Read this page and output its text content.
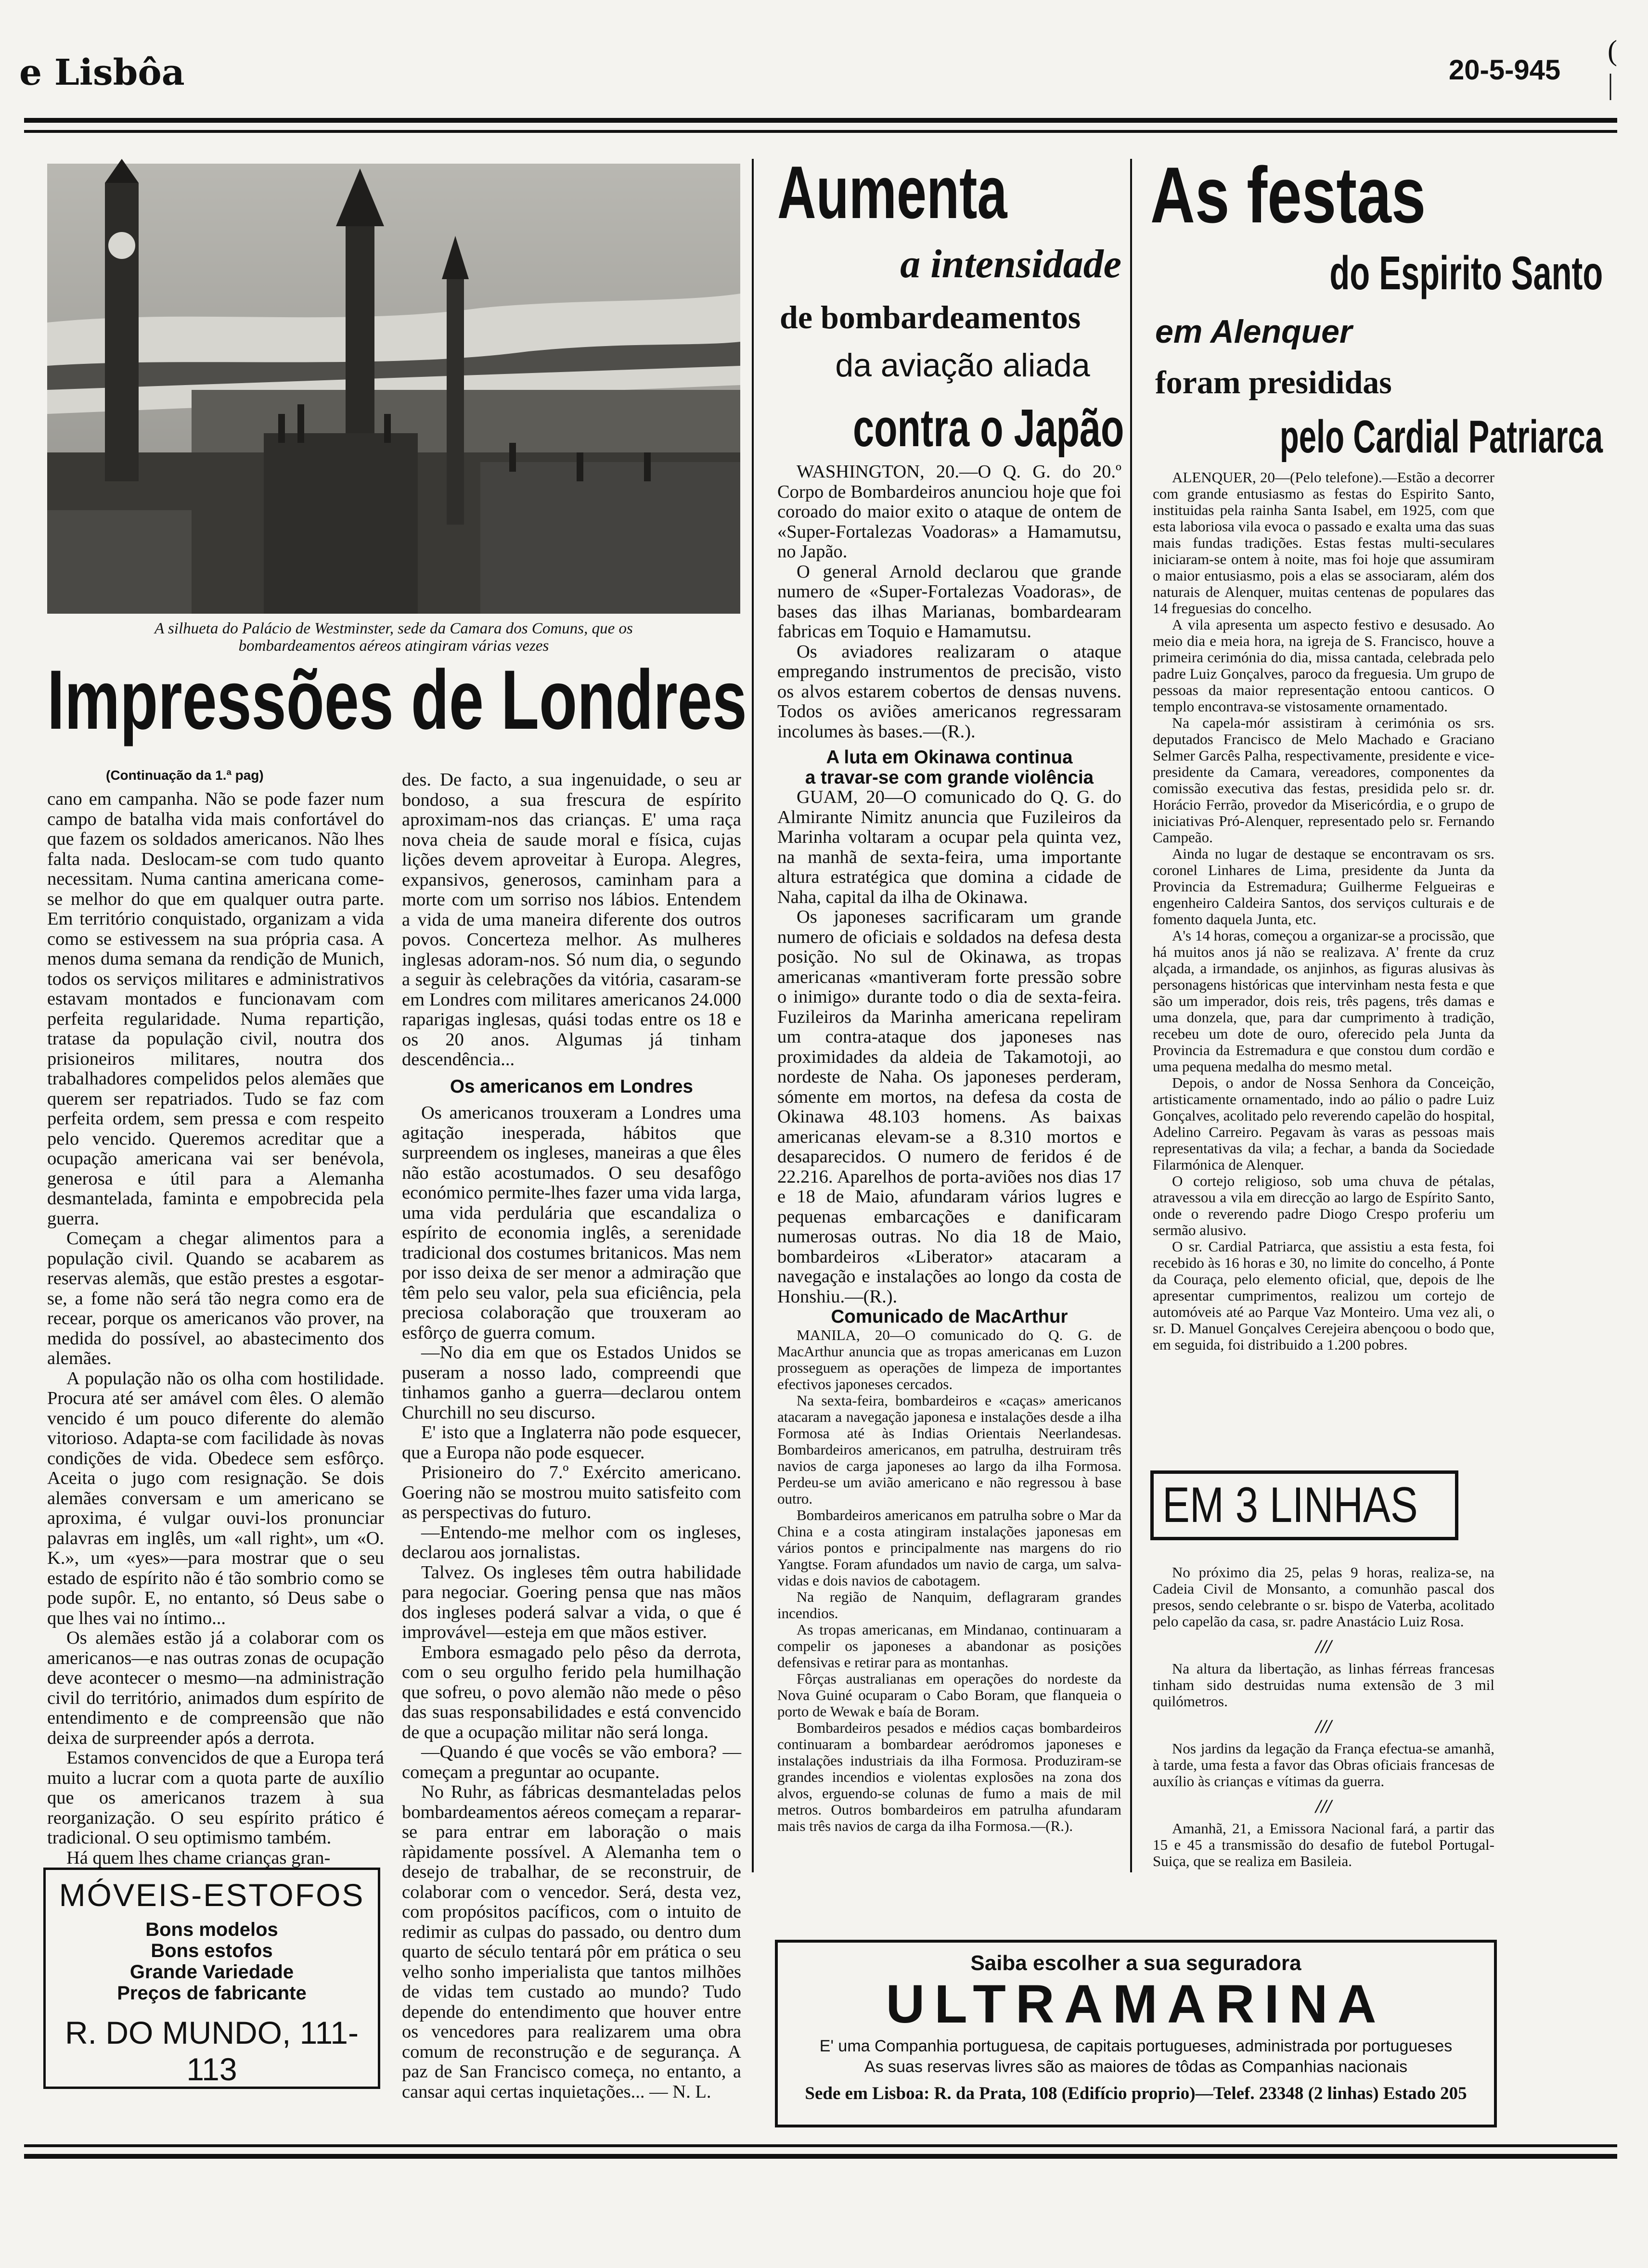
e Lisbôa	20-5-945
( |
A silhueta do Palácio de Westminster, sede da Camara dos Comuns, que os
bombardeamentos aéreos atingiram várias vezes
Impressões de Londres
(Continuação da 1.ª pag)

cano em campanha. Não se pode fazer num campo de batalha vida mais confortável do que fazem os soldados americanos. Não lhes falta nada. Deslocam-se com tudo quanto necessitam. Numa cantina americana come-se melhor do que em qualquer outra parte. Em território conquistado, organizam a vida como se estivessem na sua própria casa. A menos duma semana da rendição de Munich, todos os serviços militares e administrativos estavam montados e funcionavam com perfeita regularidade. Numa repartição, tratase da população civil, noutra dos prisioneiros militares, noutra dos trabalhadores compelidos pelos alemães que querem ser repatriados. Tudo se faz com perfeita ordem, sem pressa e com respeito pelo vencido. Queremos acreditar que a ocupação americana vai ser benévola, generosa e útil para a Alemanha desmantelada, faminta e empobrecida pela guerra.

Começam a chegar alimentos para a população civil. Quando se acabarem as reservas alemãs, que estão prestes a esgotar-se, a fome não será tão negra como era de recear, porque os americanos vão prover, na medida do possível, ao abastecimento dos alemães.

A população não os olha com hostilidade. Procura até ser amável com êles. O alemão vencido é um pouco diferente do alemão vitorioso. Adapta-se com facilidade às novas condições de vida. Obedece sem esfôrço. Aceita o jugo com resignação. Se dois alemães conversam e um americano se aproxima, é vulgar ouvi-los pronunciar palavras em inglês, um «all right», um «O. K.», um «yes»—para mostrar que o seu estado de espírito não é tão sombrio como se pode supôr. E, no entanto, só Deus sabe o que lhes vai no íntimo...

Os alemães estão já a colaborar com os americanos—e nas outras zonas de ocupação deve acontecer o mesmo—na administração civil do território, animados dum espírito de entendimento e de compreensão que não deixa de surpreender após a derrota.

Estamos convencidos de que a Europa terá muito a lucrar com a quota parte de auxílio que os americanos trazem à sua reorganização. O seu espírito prático é tradicional. O seu optimismo também.

Há quem lhes chame crianças gran-

des. De facto, a sua ingenuidade, o seu ar bondoso, a sua frescura de espírito aproximam-nos das crianças. E' uma raça nova cheia de saude moral e física, cujas lições devem aproveitar à Europa. Alegres, expansivos, generosos, caminham para a morte com um sorriso nos lábios. Entendem a vida de uma maneira diferente dos outros povos. Concerteza melhor. As mulheres inglesas adoram-nos. Só num dia, o segundo a seguir às celebrações da vitória, casaram-se em Londres com militares americanos 24.000 raparigas inglesas, quási todas entre os 18 e os 20 anos. Algumas já tinham descendência...

Os americanos em Londres

Os americanos trouxeram a Londres uma agitação inesperada, hábitos que surpreendem os ingleses, maneiras a que êles não estão acostumados. O seu desafôgo económico permite-lhes fazer uma vida larga, uma vida perdulária que escandaliza o espírito de economia inglês, a serenidade tradicional dos costumes britanicos. Mas nem por isso deixa de ser menor a admiração que têm pelo seu valor, pela sua eficiência, pela preciosa colaboração que trouxeram ao esfôrço de guerra comum.

—No dia em que os Estados Unidos se puseram a nosso lado, compreendi que tinhamos ganho a guerra—declarou ontem Churchill no seu discurso.

E' isto que a Inglaterra não pode esquecer, que a Europa não pode esquecer.

Prisioneiro do 7.º Exército americano. Goering não se mostrou muito satisfeito com as perspectivas do futuro.

—Entendo-me melhor com os ingleses, declarou aos jornalistas.

Talvez. Os ingleses têm outra habilidade para negociar. Goering pensa que nas mãos dos ingleses poderá salvar a vida, o que é improvável—esteja em que mãos estiver.

Embora esmagado pelo pêso da derrota, com o seu orgulho ferido pela humilhação que sofreu, o povo alemão não mede o pêso das suas responsabilidades e está convencido de que a ocupação militar não será longa.

—Quando é que vocês se vão embora? — começam a preguntar ao ocupante.

No Ruhr, as fábricas desmanteladas pelos bombardeamentos aéreos começam a reparar-se para entrar em laboração o mais ràpidamente possível. A Alemanha tem o desejo de trabalhar, de se reconstruir, de colaborar com o vencedor. Será, desta vez, com propósitos pacíficos, com o intuito de redimir as culpas do passado, ou dentro dum quarto de século tentará pôr em prática o seu velho sonho imperialista que tantos milhões de vidas tem custado ao mundo? Tudo depende do entendimento que houver entre os vencedores para realizarem uma obra comum de reconstrução e de segurança. A paz de San Francisco começa, no entanto, a cansar aqui certas inquietações... — N. L.

MÓVEIS-ESTOFOS
Bons modelos
Bons estofos
Grande Variedade
Preços de fabricante
R. DO MUNDO, 111-113
Aumenta
a intensidade
de bombardeamentos
da aviação aliada
contra o Japão

WASHINGTON, 20.—O Q. G. do 20.º Corpo de Bombardeiros anunciou hoje que foi coroado do maior exito o ataque de ontem de «Super-Fortalezas Voadoras» a Hamamutsu, no Japão.

O general Arnold declarou que grande numero de «Super-Fortalezas Voadoras», de bases das ilhas Marianas, bombardearam fabricas em Toquio e Hamamutsu.

Os aviadores realizaram o ataque empregando instrumentos de precisão, visto os alvos estarem cobertos de densas nuvens. Todos os aviões americanos regressaram incolumes às bases.—(R.).

A luta em Okinawa continua

a travar-se com grande violência

GUAM, 20—O comunicado do Q. G. do Almirante Nimitz anuncia que Fuzileiros da Marinha voltaram a ocupar pela quinta vez, na manhã de sexta-feira, uma importante altura estratégica que domina a cidade de Naha, capital da ilha de Okinawa.

Os japoneses sacrificaram um grande numero de oficiais e soldados na defesa desta posição. No sul de Okinawa, as tropas americanas «mantiveram forte pressão sobre o inimigo» durante todo o dia de sexta-feira. Fuzileiros da Marinha americana repeliram um contra-ataque dos japoneses nas proximidades da aldeia de Takamotoji, ao nordeste de Naha. Os japoneses perderam, sómente em mortos, na defesa da costa de Okinawa 48.103 homens. As baixas americanas elevam-se a 8.310 mortos e desaparecidos. O numero de feridos é de 22.216. Aparelhos de porta-aviões nos dias 17 e 18 de Maio, afundaram vários lugres e pequenas embarcações e danificaram numerosas outras. No dia 18 de Maio, bombardeiros «Liberator» atacaram a navegação e instalações ao longo da costa de Honshiu.—(R.).

Comunicado de MacArthur

MANILA, 20—O comunicado do Q. G. de MacArthur anuncia que as tropas americanas em Luzon prosseguem as operações de limpeza de importantes efectivos japoneses cercados.

Na sexta-feira, bombardeiros e «caças» americanos atacaram a navegação japonesa e instalações desde a ilha Formosa até às Indias Orientais Neerlandesas. Bombardeiros americanos, em patrulha, destruiram três navios de carga japoneses ao largo da ilha Formosa. Perdeu-se um avião americano e não regressou à base outro.

Bombardeiros americanos em patrulha sobre o Mar da China e a costa atingiram instalações japonesas em vários pontos e principalmente nas margens do rio Yangtse. Foram afundados um navio de carga, um salva-vidas e dois navios de cabotagem.

Na região de Nanquim, deflagraram grandes incendios.

As tropas americanas, em Mindanao, continuaram a compelir os japoneses a abandonar as posições defensivas e retirar para as montanhas.

Fôrças australianas em operações do nordeste da Nova Guiné ocuparam o Cabo Boram, que flanqueia o porto de Wewak e baía de Boram.

Bombardeiros pesados e médios caças bombardeiros continuaram a bombardear aeródromos japoneses e instalações industriais da ilha Formosa. Produziram-se grandes incendios e violentas explosões na zona dos alvos, erguendo-se colunas de fumo a mais de mil metros. Outros bombardeiros em patrulha afundaram mais três navios de carga da ilha Formosa.—(R.).

As festas
do Espirito Santo
em Alenquer
foram presididas
pelo Cardial Patriarca

ALENQUER, 20—(Pelo telefone).—Estão a decorrer com grande entusiasmo as festas do Espirito Santo, instituidas pela rainha Santa Isabel, em 1925, com que esta laboriosa vila evoca o passado e exalta uma das suas mais fundas tradições. Estas festas multi-seculares iniciaram-se ontem à noite, mas foi hoje que assumiram o maior entusiasmo, pois a elas se associaram, além dos naturais de Alenquer, muitas centenas de populares das 14 freguesias do concelho.

A vila apresenta um aspecto festivo e desusado. Ao meio dia e meia hora, na igreja de S. Francisco, houve a primeira cerimónia do dia, missa cantada, celebrada pelo padre Luiz Gonçalves, paroco da freguesia. Um grupo de pessoas da maior representação entoou canticos. O templo encontrava-se vistosamente ornamentado.

Na capela-mór assistiram à cerimónia os srs. deputados Francisco de Melo Machado e Graciano Selmer Garcês Palha, respectivamente, presidente e vice-presidente da Camara, vereadores, componentes da comissão executiva das festas, presidida pelo sr. dr. Horácio Ferrão, provedor da Misericórdia, e o grupo de iniciativas Pró-Alenquer, representado pelo sr. Fernando Campeão.

Ainda no lugar de destaque se encontravam os srs. coronel Linhares de Lima, presidente da Junta da Provincia da Estremadura; Guilherme Felgueiras e engenheiro Caldeira Santos, dos serviços culturais e de fomento daquela Junta, etc.

A's 14 horas, começou a organizar-se a procissão, que há muitos anos já não se realizava. A' frente da cruz alçada, a irmandade, os anjinhos, as figuras alusivas às personagens históricas que intervinham nesta festa e que são um imperador, dois reis, três pagens, três damas e uma donzela, que, para dar cumprimento à tradição, recebeu um dote de ouro, oferecido pela Junta da Provincia da Estremadura e que constou dum cordão e uma pequena medalha do mesmo metal.

Depois, o andor de Nossa Senhora da Conceição, artisticamente ornamentado, indo ao pálio o padre Luiz Gonçalves, acolitado pelo reverendo capelão do hospital, Adelino Carreiro. Pegavam às varas as pessoas mais representativas da vila; a fechar, a banda da Sociedade Filarmónica de Alenquer.

O cortejo religioso, sob uma chuva de pétalas, atravessou a vila em direcção ao largo de Espírito Santo, onde o reverendo padre Diogo Crespo proferiu um sermão alusivo.

O sr. Cardial Patriarca, que assistiu a esta festa, foi recebido às 16 horas e 30, no limite do concelho, á Ponte da Couraça, pelo elemento oficial, que, depois de lhe apresentar cumprimentos, realizou um cortejo de automóveis até ao Parque Vaz Monteiro. Uma vez ali, o sr. D. Manuel Gonçalves Cerejeira abençoou o bodo que, em seguida, foi distribuido a 1.200 pobres.

EM 3 LINHAS

No próximo dia 25, pelas 9 horas, realiza-se, na Cadeia Civil de Monsanto, a comunhão pascal dos presos, sendo celebrante o sr. bispo de Vaterba, acolitado pelo capelão da casa, sr. padre Anastácio Luiz Rosa.

///

Na altura da libertação, as linhas férreas francesas tinham sido destruidas numa extensão de 3 mil quilómetros.

///

Nos jardins da legação da França efectua-se amanhã, à tarde, uma festa a favor das Obras oficiais francesas de auxílio às crianças e vítimas da guerra.

///

Amanhã, 21, a Emissora Nacional fará, a partir das 15 e 45 a transmissão do desafio de futebol Portugal-Suiça, que se realiza em Basileia.

Saiba escolher a sua seguradora
ULTRAMARINA
E' uma Companhia portuguesa, de capitais portugueses, administrada por portugueses
As suas reservas livres são as maiores de tôdas as Companhias nacionais
Sede em Lisboa: R. da Prata, 108 (Edifício proprio)—Telef. 23348 (2 linhas) Estado 205
